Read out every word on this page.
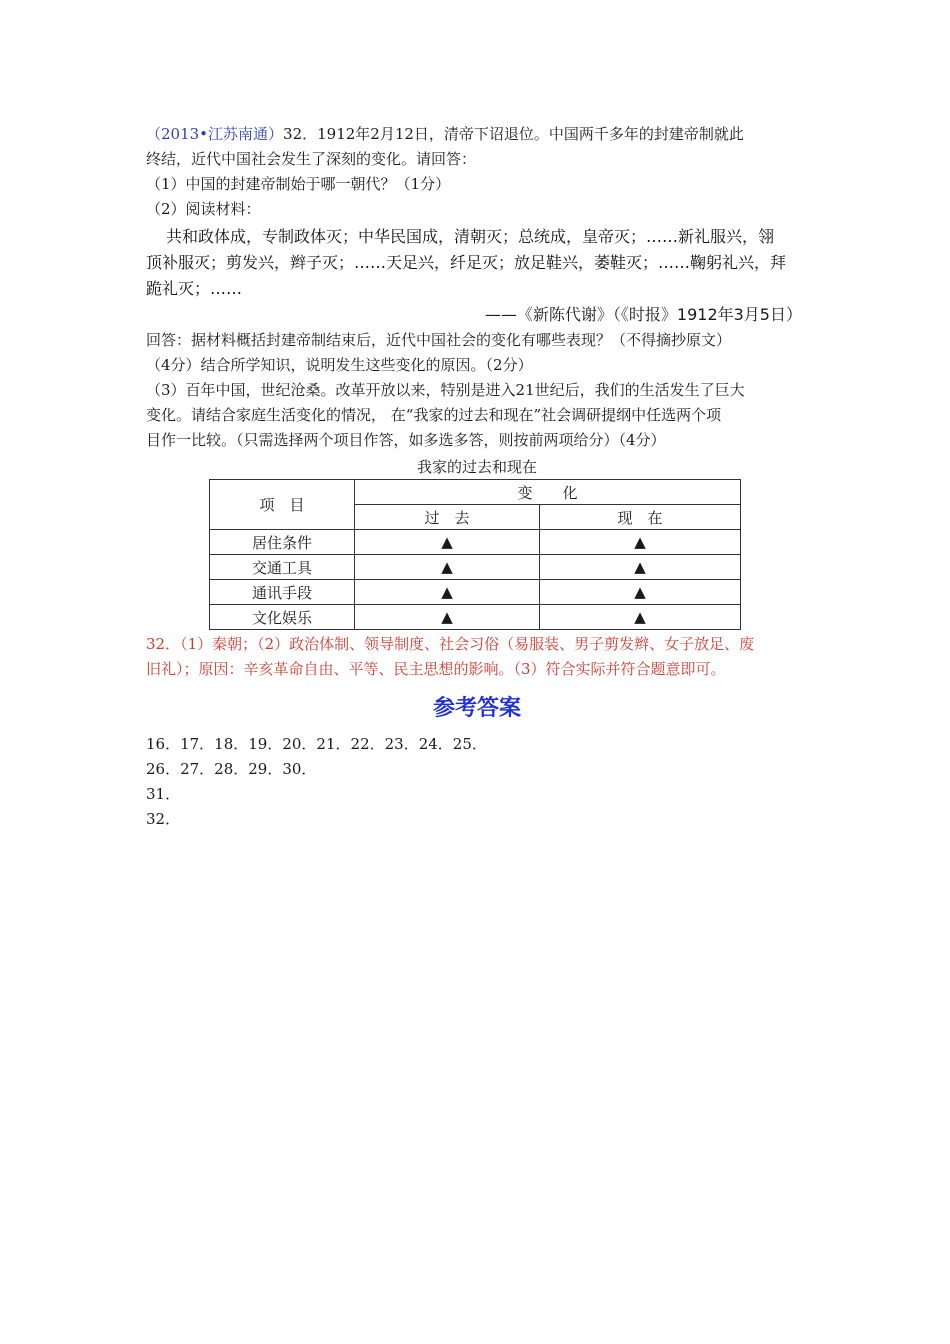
（2013•江苏南通）32．1912年2月12日，清帝下诏退位。中国两千多年的封建帝制就此
终结，近代中国社会发生了深刻的变化。请回答：
（1）中国的封建帝制始于哪一朝代？（1分）
（2）阅读材料：
共和政体成，专制政体灭；中华民国成，清朝灭；总统成，皇帝灭；……新礼服兴，翎
顶补服灭；剪发兴，辫子灭；……天足兴，纤足灭；放足鞋兴，萎鞋灭；……鞠躬礼兴，拜
跪礼灭；……
——《新陈代谢》（《时报》1912年3月5日）
回答：据材料概括封建帝制结束后，近代中国社会的变化有哪些表现？（不得摘抄原文）
（4分）结合所学知识，说明发生这些变化的原因。（2分）
（3）百年中国，世纪沧桑。改革开放以来，特别是进入21世纪后，我们的生活发生了巨大
变化。请结合家庭生活变化的情况， 在“我家的过去和现在”社会调研提纲中任选两个项
目作一比较。（只需选择两个项目作答，如多选多答，则按前两项给分）（4分）
我家的过去和现在
项　目	变　　化	
	过　去	现　在
居住条件	▲	▲
交通工具	▲	▲
通讯手段	▲	▲
文化娱乐	▲	▲
32．（1）秦朝；（2）政治体制、领导制度、社会习俗（易服装、男子剪发辫、女子放足、废
旧礼）；原因：辛亥革命自由、平等、民主思想的影响。（3）符合实际并符合题意即可。
参考答案
16．17．18．19．20．21．22．23．24．25．
26．27．28．29．30．
31．
32．
